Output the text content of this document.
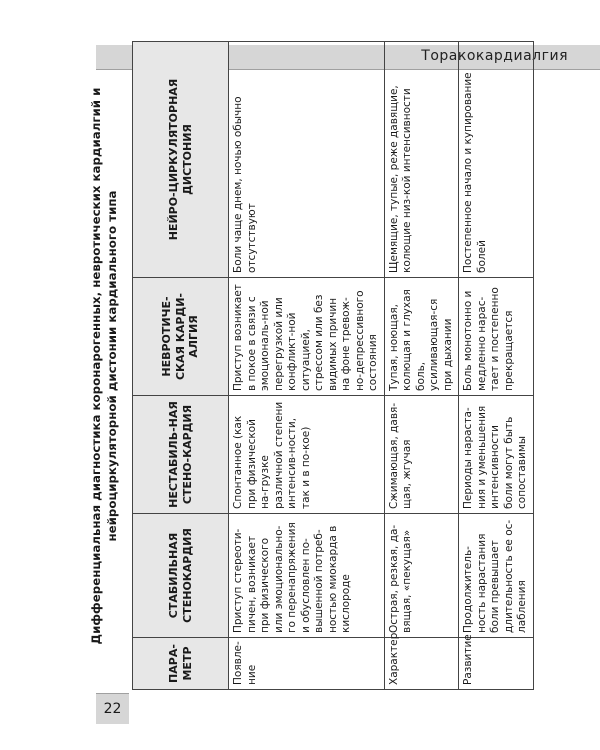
Торакокардиалгия
22
Дифференциальная диагностика коронарогенных, невротических кардиалгий и нейроциркуляторной дистонии кардиального типа
ПАРА-МЕТР	СТАБИЛЬНАЯ СТЕНОКАРДИЯ	НЕСТАБИЛЬ-НАЯ СТЕНО-КАРДИЯ	НЕВРОТИЧЕ-СКАЯ КАРДИ-АЛГИЯ	НЕЙРО-ЦИРКУЛЯТОРНАЯ ДИСТОНИЯ
Появле-ние	Приступ стереоти-пичен, возникает при физического или эмоционально-го перенапряжения и обусловлен по-вышенной потреб-ностью миокарда в кислороде	Спонтанное (как при физической на-грузке различной степени интенсив-ности, так и в по-кое)	Приступ возникает в покое в связи с эмоциональ-ной перегрузкой или конфликт-ной ситуацией, стрессом или без видимых причин на фоне тревож-но-депрессивного состояния	Боли чаще днем, ночью обычно отсутствуют
Характер	Острая, резкая, да-вящая, «пекущая»	Сжимающая, давя-щая, жгучая	Тупая, ноющая, колющая и глухая боль, усиливающая-ся при дыхании	Щемящие, тупые, реже давящие, колющие низ-кой интенсивности
Развитие	Продолжитель-ность нарастания боли превышает длительность ее ос-лабления	Периоды нараста-ния и уменьшения интенсивности боли могут быть сопоставимы	Боль монотонно и медленно нарас-тает и постепенно прекращается	Постепенное начало и купирование болей
